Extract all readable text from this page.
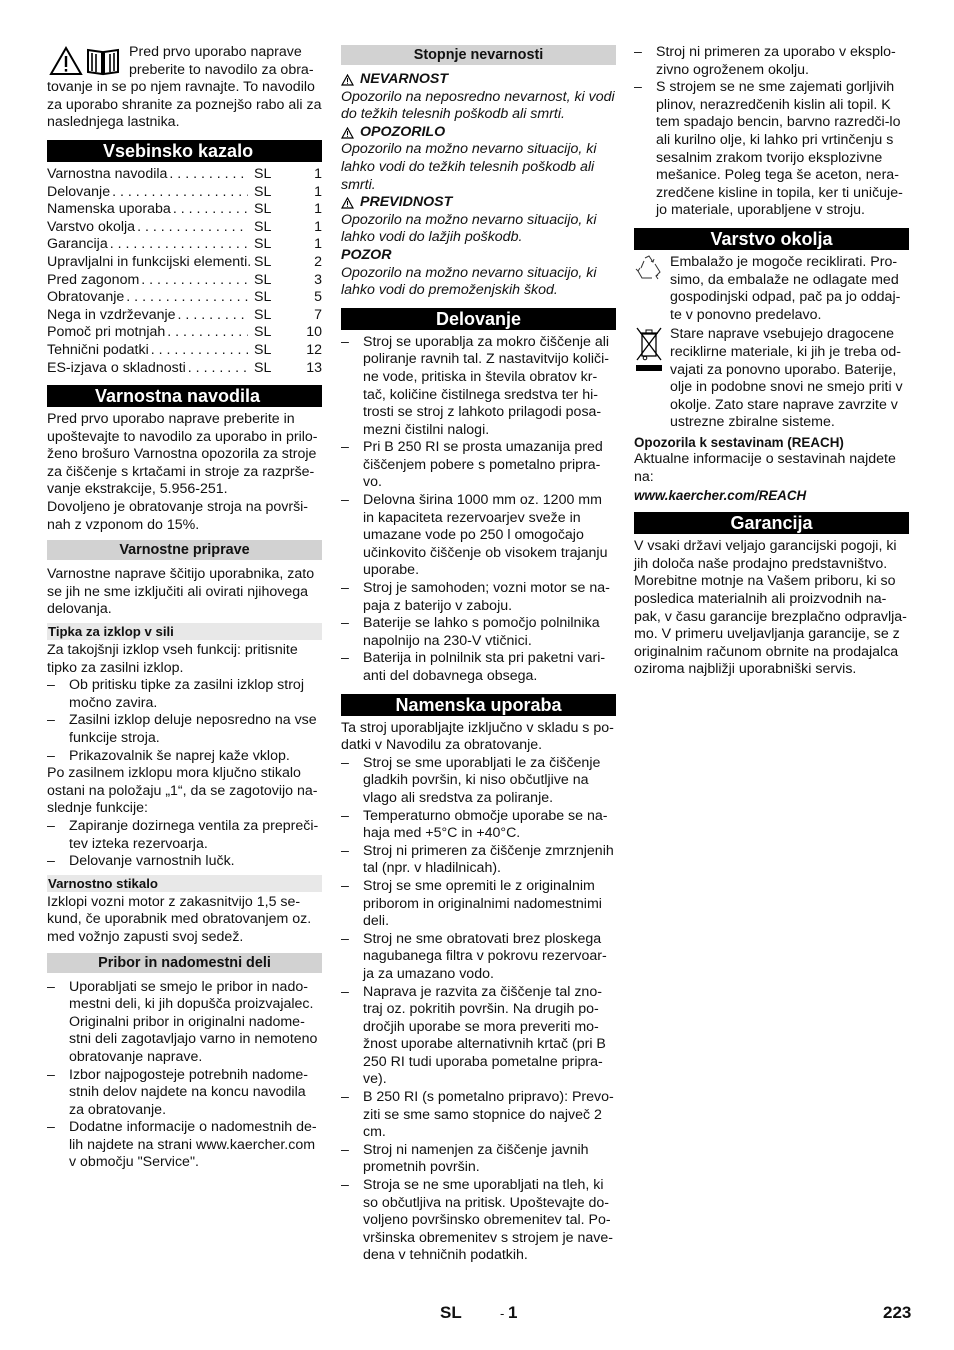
Pred prvo uporabo naprave preberite to navodilo za obra-

tovanje in se po njem ravnajte. To navodilo za uporabo shranite za poznejšo rabo ali za naslednjega lastnika.

Vsebinsko kazalo
Varnostna navodila . . .	SL	1
Delovanje . . .	SL	1
Namenska uporaba . . .	SL	1
Varstvo okolja . . .	SL	1
Garancija . . .	SL	1
Upravljalni in funkcijski elementi . . . SL	2
Pred zagonom . . .	SL	3
Obratovanje . . .	SL	5
Nega in vzdrževanje . . .	SL	7
Pomoč pri motnjah . . .	SL	10
Tehnični podatki . . .	SL	12
ES-izjava o skladnosti . . .	SL	13
Varnostna navodila

Pred prvo uporabo naprave preberite in upoštevajte to navodilo za uporabo in prilo-ženo brošuro Varnostna opozorila za stroje za čiščenje s krtačami in stroje za razprše-vanje ekstrakcije, 5.956-251.

Dovoljeno je obratovanje stroja na površi-nah z vzponom do 15%.

Varnostne priprave

Varnostne naprave ščitijo uporabnika, zato se jih ne sme izključiti ali ovirati njihovega delovanja.

Tipka za izklop v sili

Za takojšnji izklop vseh funkcij: pritisnite tipko za zasilni izklop.

– Ob pritisku tipke za zasilni izklop stroj močno zavira.

– Zasilni izklop deluje neposredno na vse funkcije stroja.

– Prikazovalnik še naprej kaže vklop.

Po zasilnem izklopu mora ključno stikalo ostani na položaju „1“, da se zagotovijo na-slednje funkcije:

– Zapiranje dozirnega ventila za prepreči-tev izteka rezervoarja.

– Delovanje varnostnih lučk.

Varnostno stikalo

Izklopi vozni motor z zakasnitvijo 1,5 se-kund, če uporabnik med obratovanjem oz. med vožnjo zapusti svoj sedež.

Pribor in nadomestni deli

– Uporabljati se smejo le pribor in nado-mestni deli, ki jih dopušča proizvajalec. Originalni pribor in originalni nadome-stni deli zagotavljajo varno in nemoteno obratovanje naprave.

– Izbor najpogosteje potrebnih nadome-stnih delov najdete na koncu navodila za obratovanje.

– Dodatne informacije o nadomestnih de-lih najdete na strani www.kaercher.com v območju "Service".

Stopnje nevarnosti
NEVARNOST

Opozorilo na neposredno nevarnost, ki vodi do težkih telesnih poškodb ali smrti.

OPOZORILO

Opozorilo na možno nevarno situacijo, ki lahko vodi do težkih telesnih poškodb ali smrti.

PREVIDNOST

Opozorilo na možno nevarno situacijo, ki lahko vodi do lažjih poškodb.

POZOR

Opozorilo na možno nevarno situacijo, ki lahko vodi do premoženjskih škod.

Delovanje

– Stroj se uporablja za mokro čiščenje ali poliranje ravnih tal. Z nastavitvijo količi-ne vode, pritiska in števila obratov kr-tač, količine čistilnega sredstva ter hi-trosti se stroj z lahkoto prilagodi posa-mezni čistilni nalogi.

– Pri B 250 RI se prosta umazanija pred čiščenjem pobere s pometalno pripra-vo.

– Delovna širina 1000 mm oz. 1200 mm in kapaciteta rezervoarjev sveže in umazane vode po 250 l omogočajo učinkovito čiščenje ob visokem trajanju uporabe.

– Stroj je samohoden; vozni motor se na-paja z baterijo v zaboju.

– Baterije se lahko s pomočjo polnilnika napolnijo na 230-V vtičnici.

– Baterija in polnilnik sta pri paketni vari-anti del dobavnega obsega.

Namenska uporaba

Ta stroj uporabljajte izključno v skladu s po-datki v Navodilu za obratovanje.

– Stroj se sme uporabljati le za čiščenje gladkih površin, ki niso občutljive na vlago ali sredstva za poliranje.

– Temperaturno območje uporabe se na-haja med +5°C in +40°C.

– Stroj ni primeren za čiščenje zmrznjenih tal (npr. v hladilnicah).

– Stroj se sme opremiti le z originalnim priborom in originalnimi nadomestnimi deli.

– Stroj ne sme obratovati brez ploskega nagubanega filtra v pokrovu rezervoar-ja za umazano vodo.

– Naprava je razvita za čiščenje tal zno-traj oz. pokritih površin. Na drugih po-dročjih uporabe se mora preveriti mo-žnost uporabe alternativnih krtač (pri B 250 RI tudi uporaba pometalne pripra-ve).

– B 250 RI (s pometalno pripravo): Prevo-ziti se sme samo stopnice do največ 2 cm.

– Stroj ni namenjen za čiščenje javnih prometnih površin.

– Stroja se ne sme uporabljati na tleh, ki so občutljiva na pritisk. Upoštevajte do-voljeno površinsko obremenitev tal. Po-vršinska obremenitev s strojem je nave-dena v tehničnih podatkih.

– Stroj ni primeren za uporabo v eksplo-zivno ogroženem okolju.

– S strojem se ne sme zajemati gorljivih plinov, nerazredčenih kislin ali topil. K tem spadajo bencin, barvno razredči-lo ali kurilno olje, ki lahko pri vrtinčenju s sesalnim zrakom tvorijo eksplozivne mešanice. Poleg tega še aceton, nera-zredčene kisline in topila, ker ti uničuje-jo materiale, uporabljene v stroju.

Varstvo okolja

Embalažo je mogoče reciklirati. Pro-simo, da embalaže ne odlagate med gospodinjski odpad, pač pa jo oddaj-te v ponovno predelavo.

Stare naprave vsebujejo dragocene reciklirne materiale, ki jih je treba od-vajati za ponovno uporabo. Baterije, olje in podobne snovi ne smejo priti v okolje. Zato stare naprave zavrzite v ustrezne zbiralne sisteme.

Opozorila k sestavinam (REACH)

Aktualne informacije o sestavinah najdete na:

www.kaercher.com/REACH

Garancija

V vsaki državi veljajo garancijski pogoji, ki jih določa naše prodajno predstavništvo. Morebitne motnje na Vašem priboru, ki so posledica materialnih ali proizvodnih na-pak, v času garancije brezplačno odpravlja-mo. V primeru uveljavljanja garancije, se z originalnim računom obrnite na prodajalca oziroma najbližji uporabniški servis.

SL	- 1	223
